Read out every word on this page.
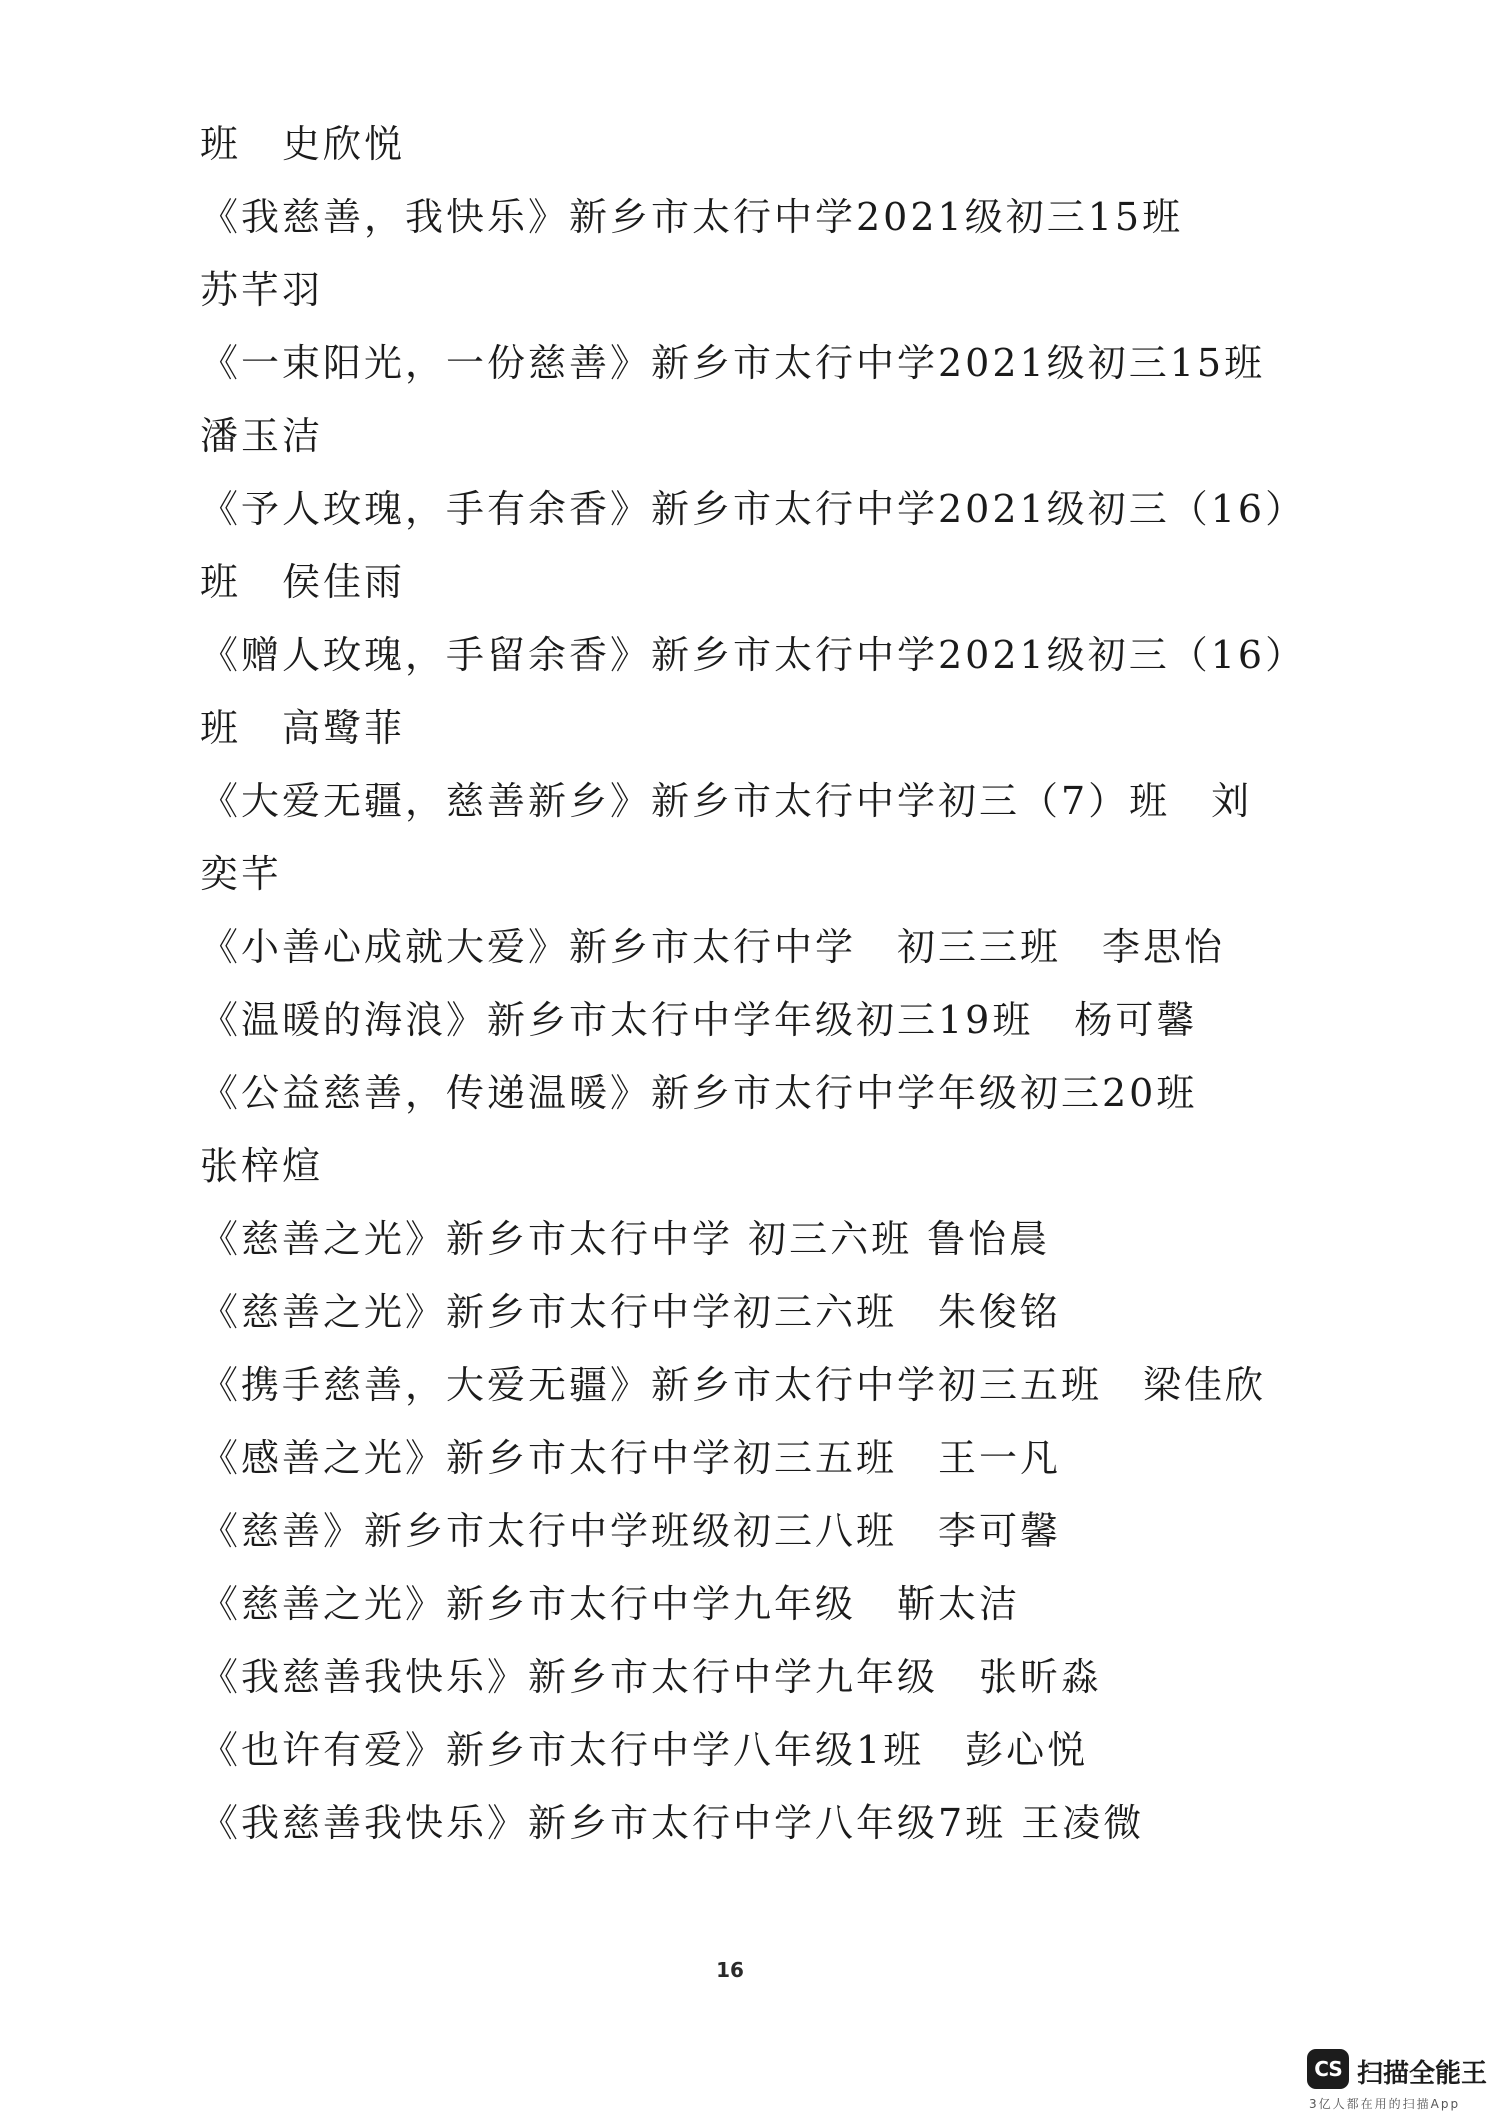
班　史欣悦
《我慈善，我快乐》新乡市太行中学2021级初三15班
苏芊羽
《一束阳光，一份慈善》新乡市太行中学2021级初三15班
潘玉洁
《予人玫瑰，手有余香》新乡市太行中学2021级初三（16）
班　侯佳雨
《赠人玫瑰，手留余香》新乡市太行中学2021级初三（16）
班　高鹭菲
《大爱无疆，慈善新乡》新乡市太行中学初三（7）班　刘
奕芊
《小善心成就大爱》新乡市太行中学　初三三班　李思怡
《温暖的海浪》新乡市太行中学年级初三19班　杨可馨
《公益慈善，传递温暖》新乡市太行中学年级初三20班
张梓煊
《慈善之光》新乡市太行中学 初三六班 鲁怡晨
《慈善之光》新乡市太行中学初三六班　朱俊铭
《携手慈善，大爱无疆》新乡市太行中学初三五班　梁佳欣
《感善之光》新乡市太行中学初三五班　王一凡
《慈善》新乡市太行中学班级初三八班　李可馨
《慈善之光》新乡市太行中学九年级　靳太洁
《我慈善我快乐》新乡市太行中学九年级　张昕淼
《也许有爱》新乡市太行中学八年级1班　彭心悦
《我慈善我快乐》新乡市太行中学八年级7班 王凌微
16
CS 扫描全能王
3亿人都在用的扫描App
